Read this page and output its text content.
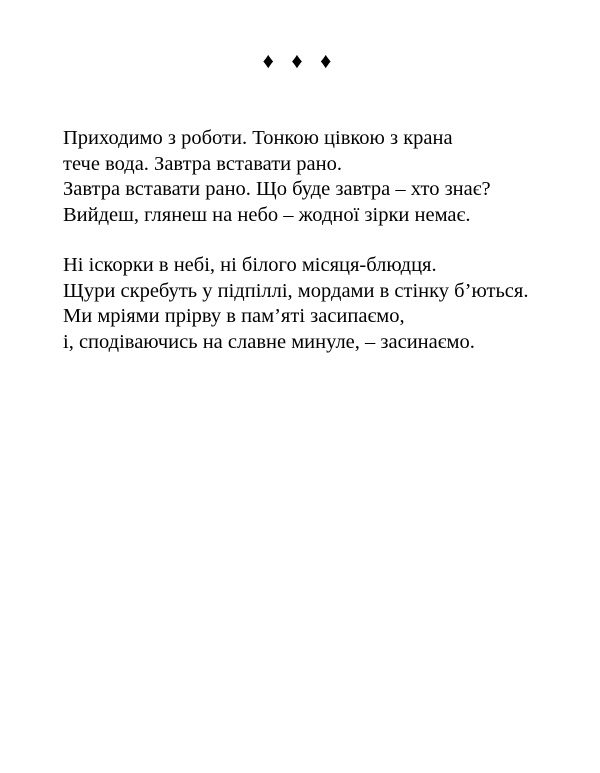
♦ ♦ ♦
Приходимо з роботи. Тонкою цівкою з крана
тече вода. Завтра вставати рано.
Завтра вставати рано. Що буде завтра – хто знає?
Вийдеш, глянеш на небо – жодної зірки немає.
Ні іскорки в небі, ні білого місяця-блюдця.
Щури скребуть у підпіллі, мордами в стінку б’ються.
Ми мріями прірву в пам’яті засипаємо,
і, сподіваючись на славне минуле, – засинаємо.
